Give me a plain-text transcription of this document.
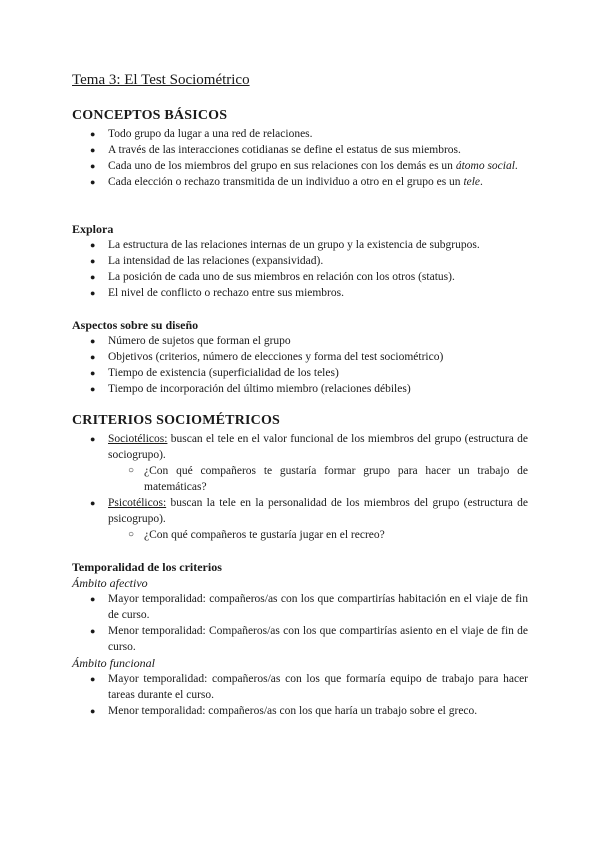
Tema 3: El Test Sociométrico
CONCEPTOS BÁSICOS
● Todo grupo da lugar a una red de relaciones.
● A través de las interacciones cotidianas se define el estatus de sus miembros.
● Cada uno de los miembros del grupo en sus relaciones con los demás es un átomo social.
● Cada elección o rechazo transmitida de un individuo a otro en el grupo es un tele.
Explora
● La estructura de las relaciones internas de un grupo y la existencia de subgrupos.
● La intensidad de las relaciones (expansividad).
● La posición de cada uno de sus miembros en relación con los otros (status).
● El nivel de conflicto o rechazo entre sus miembros.
Aspectos sobre su diseño
● Número de sujetos que forman el grupo
● Objetivos (criterios, número de elecciones y forma del test sociométrico)
● Tiempo de existencia (superficialidad de los teles)
● Tiempo de incorporación del último miembro (relaciones débiles)
CRITERIOS SOCIOMÉTRICOS
● Sociotélicos: buscan el tele en el valor funcional de los miembros del grupo (estructura de sociogrupo).
○ ¿Con qué compañeros te gustaría formar grupo para hacer un trabajo de matemáticas?
● Psicotélicos: buscan la tele en la personalidad de los miembros del grupo (estructura de psicogrupo).
○ ¿Con qué compañeros te gustaría jugar en el recreo?
Temporalidad de los criterios
Ámbito afectivo
● Mayor temporalidad: compañeros/as con los que compartirías habitación en el viaje de fin de curso.
● Menor temporalidad: Compañeros/as con los que compartirías asiento en el viaje de fin de curso.
Ámbito funcional
● Mayor temporalidad: compañeros/as con los que formaría equipo de trabajo para hacer tareas durante el curso.
● Menor temporalidad: compañeros/as con los que haría un trabajo sobre el greco.
